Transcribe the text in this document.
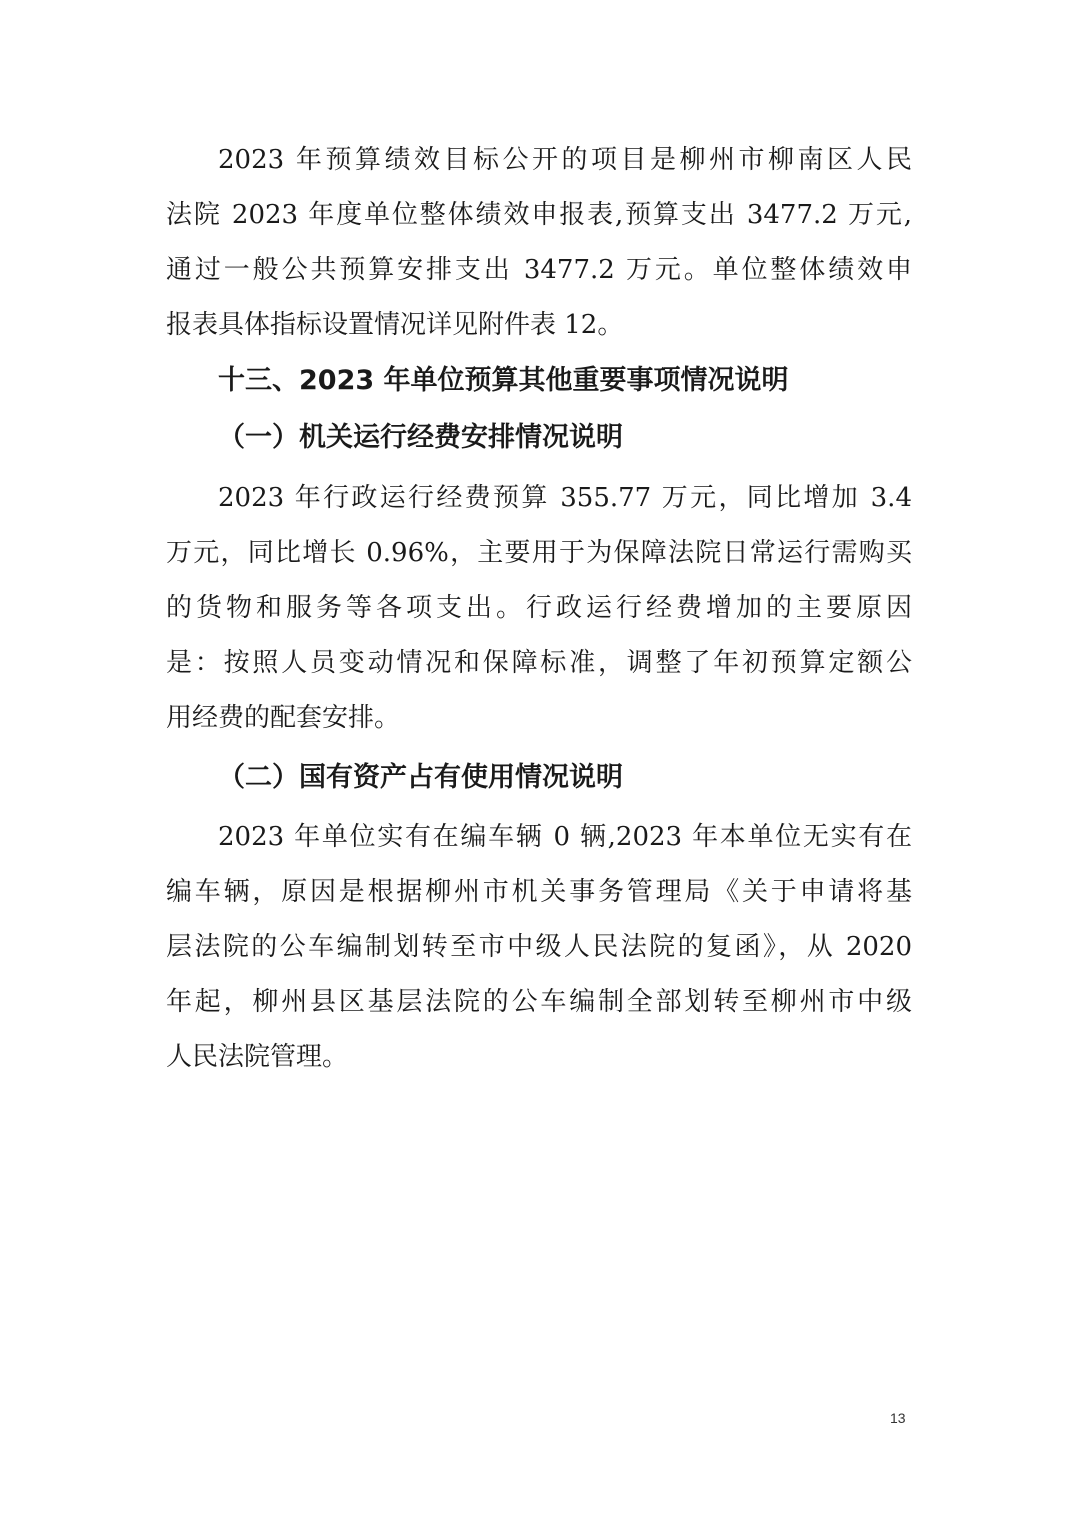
2023 年预算绩效目标公开的项目是柳州市柳南区人民
法院 2023 年度单位整体绩效申报表,预算支出 3477.2 万元,
通过一般公共预算安排支出 3477.2 万元。单位整体绩效申
报表具体指标设置情况详见附件表 12。
十三、2023 年单位预算其他重要事项情况说明
（一）机关运行经费安排情况说明
2023 年行政运行经费预算 355.77 万元，同比增加 3.4
万元，同比增长 0.96%，主要用于为保障法院日常运行需购买
的货物和服务等各项支出。行政运行经费增加的主要原因
是：按照人员变动情况和保障标准，调整了年初预算定额公
用经费的配套安排。
（二）国有资产占有使用情况说明
2023 年单位实有在编车辆 0 辆,2023 年本单位无实有在
编车辆，原因是根据柳州市机关事务管理局《关于申请将基
层法院的公车编制划转至市中级人民法院的复函》，从 2020
年起，柳州县区基层法院的公车编制全部划转至柳州市中级
人民法院管理。
13
